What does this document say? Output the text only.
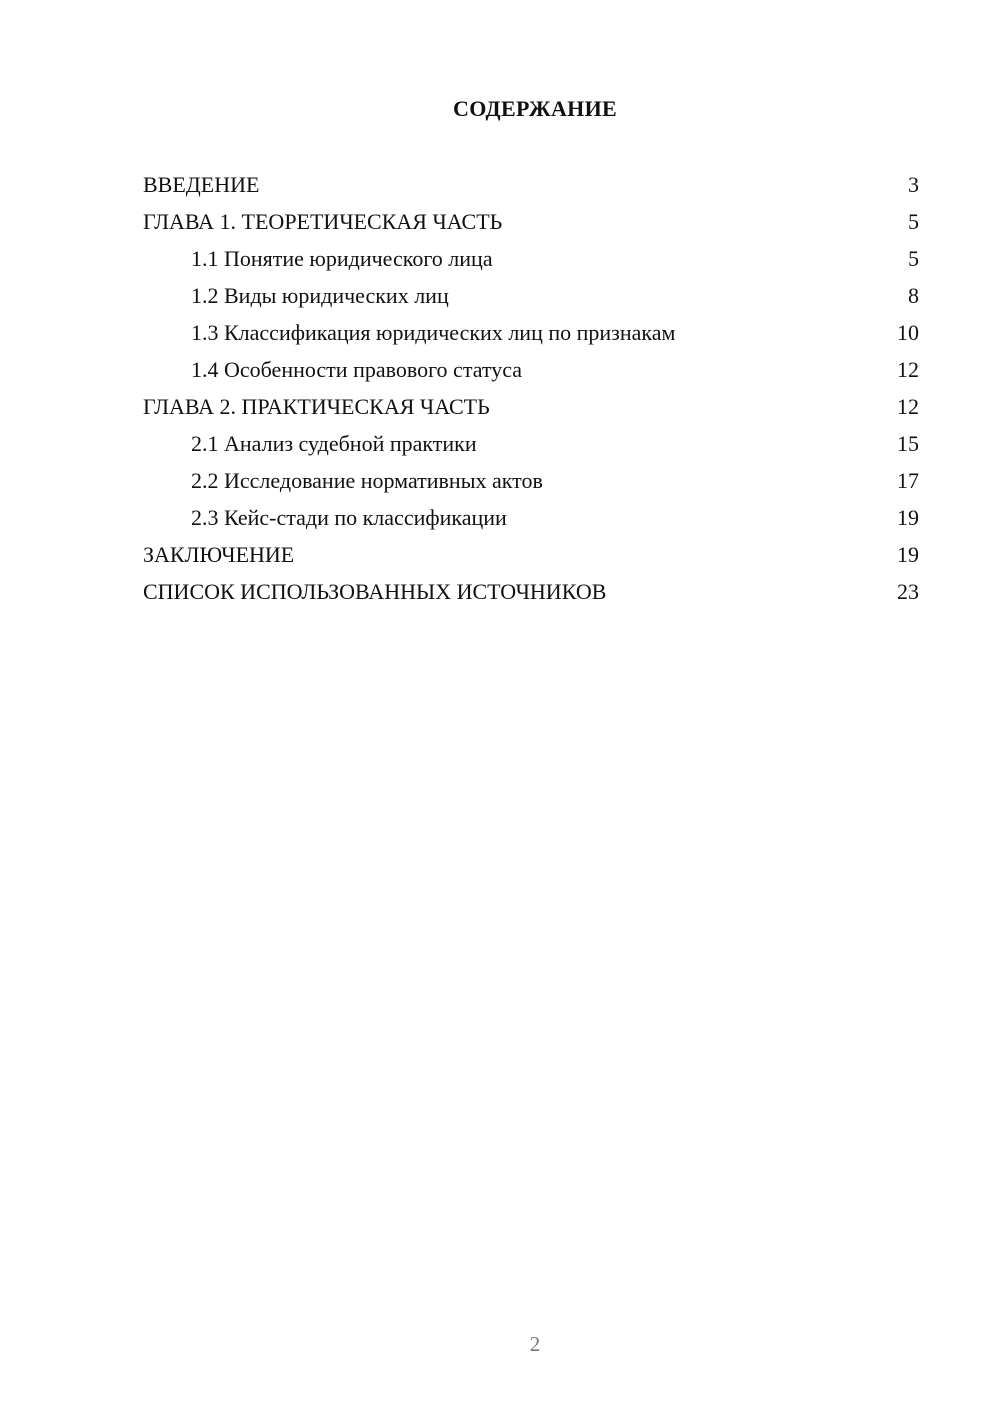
СОДЕРЖАНИЕ
ВВЕДЕНИЕ	3
ГЛАВА 1. ТЕОРЕТИЧЕСКАЯ ЧАСТЬ	5
1.1 Понятие юридического лица	5
1.2 Виды юридических лиц	8
1.3 Классификация юридических лиц по признакам	10
1.4 Особенности правового статуса	12
ГЛАВА 2. ПРАКТИЧЕСКАЯ ЧАСТЬ	12
2.1 Анализ судебной практики	15
2.2 Исследование нормативных актов	17
2.3 Кейс-стади по классификации	19
ЗАКЛЮЧЕНИЕ	19
СПИСОК ИСПОЛЬЗОВАННЫХ ИСТОЧНИКОВ	23
2
